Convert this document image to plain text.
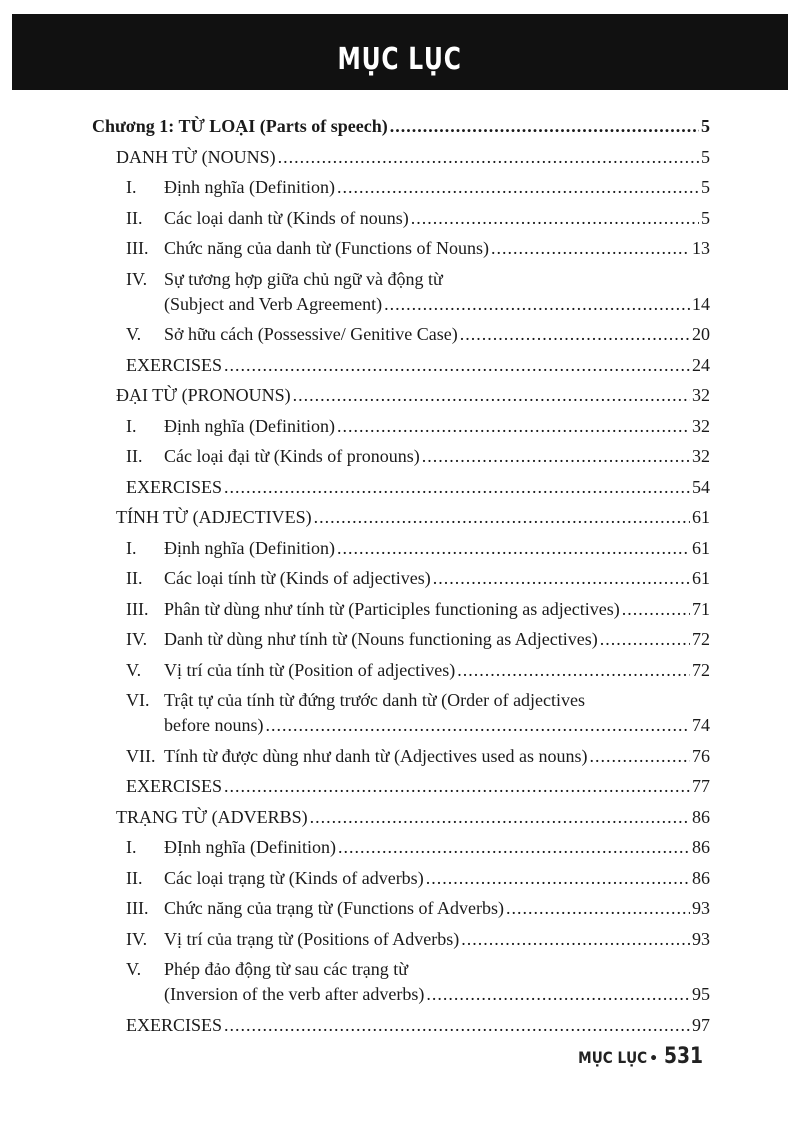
MỤC LỤC
Chương 1: TỪ LOẠI (Parts of speech) .....	5
DANH TỪ (NOUNS) .....	5
I.	Định nghĩa (Definition) .....	5
II.	Các loại danh từ (Kinds of nouns) .....	5
III. Chức năng của danh từ (Functions of Nouns) .....	13
IV. Sự tương hợp giữa chủ ngữ và động từ
(Subject and Verb Agreement) .....	14
V.	Sở hữu cách (Possessive/ Genitive Case) .....	20
EXERCISES .....	24
ĐẠI TỪ (PRONOUNS) .....	32
I.	Định nghĩa (Definition) .....	32
II.	Các loại đại từ (Kinds of pronouns) .....	32
EXERCISES .....	54
TÍNH TỪ (ADJECTIVES) .....	61
I.	Định nghĩa (Definition) .....	61
II.	Các loại tính từ (Kinds of adjectives) .....	61
III. Phân từ dùng như tính từ (Participles functioning as adjectives) .....	71
IV. Danh từ dùng như tính từ (Nouns functioning as Adjectives) .....	72
V.	Vị trí của tính từ (Position of adjectives) .....	72
VI. Trật tự của tính từ đứng trước danh từ (Order of adjectives
before nouns) .....	74
VII. Tính từ được dùng như danh từ (Adjectives used as nouns) .....	76
EXERCISES .....	77
TRẠNG TỪ (ADVERBS) .....	86
I.	ĐỊnh nghĩa (Definition) .....	86
II.	Các loại trạng từ (Kinds of adverbs) .....	86
III. Chức năng của trạng từ (Functions of Adverbs) .....	93
IV. Vị trí của trạng từ (Positions of Adverbs) .....	93
V.	Phép đảo động từ sau các trạng từ
(Inversion of the verb after adverbs) .....	95
EXERCISES .....	97
MỤC LỤC • 531
